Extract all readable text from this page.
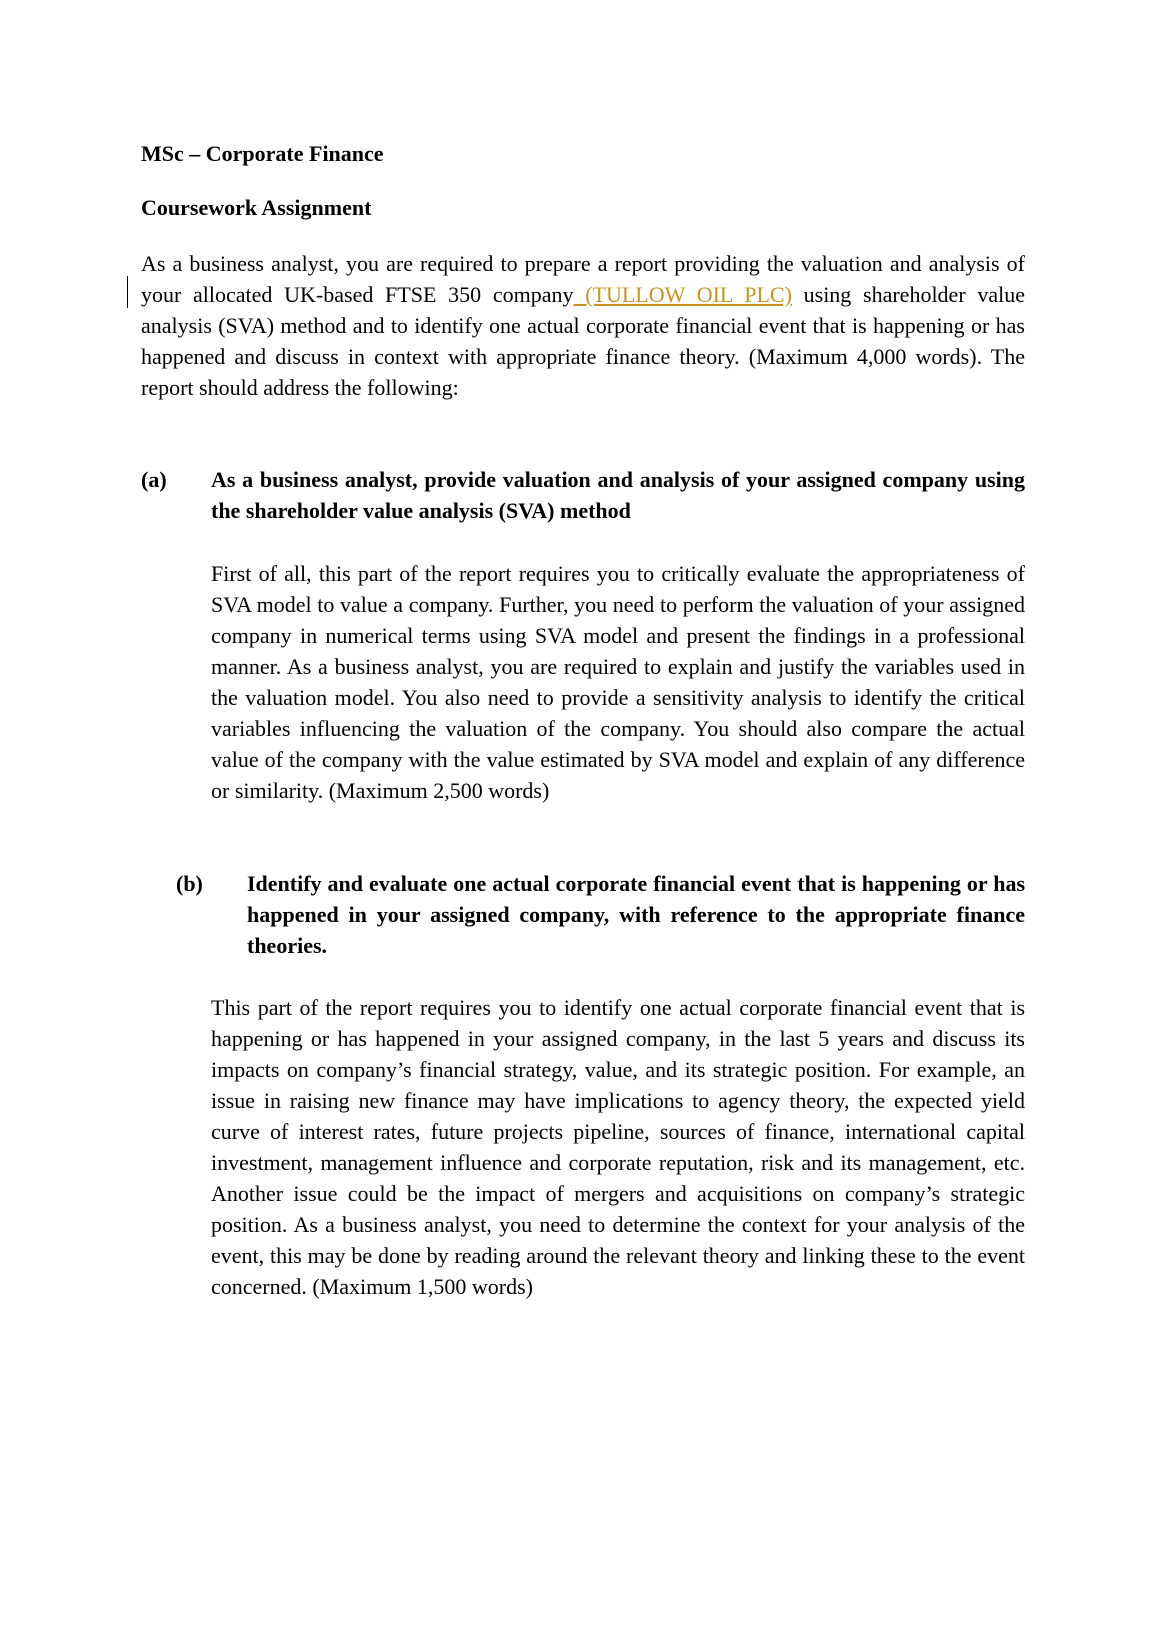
MSc – Corporate Finance

Coursework Assignment

As a business analyst, you are required to prepare a report providing the valuation and analysis of your allocated UK-based FTSE 350 company (TULLOW OIL PLC) using shareholder value analysis (SVA) method and to identify one actual corporate financial event that is happening or has happened and discuss in context with appropriate finance theory. (Maximum 4,000 words). The report should address the following:

(a) As a business analyst, provide valuation and analysis of your assigned company using the shareholder value analysis (SVA) method

First of all, this part of the report requires you to critically evaluate the appropriateness of SVA model to value a company. Further, you need to perform the valuation of your assigned company in numerical terms using SVA model and present the findings in a professional manner. As a business analyst, you are required to explain and justify the variables used in the valuation model. You also need to provide a sensitivity analysis to identify the critical variables influencing the valuation of the company. You should also compare the actual value of the company with the value estimated by SVA model and explain of any difference or similarity. (Maximum 2,500 words)

(b) Identify and evaluate one actual corporate financial event that is happening or has happened in your assigned company, with reference to the appropriate finance theories.

This part of the report requires you to identify one actual corporate financial event that is happening or has happened in your assigned company, in the last 5 years and discuss its impacts on company’s financial strategy, value, and its strategic position. For example, an issue in raising new finance may have implications to agency theory, the expected yield curve of interest rates, future projects pipeline, sources of finance, international capital investment, management influence and corporate reputation, risk and its management, etc. Another issue could be the impact of mergers and acquisitions on company’s strategic position. As a business analyst, you need to determine the context for your analysis of the event, this may be done by reading around the relevant theory and linking these to the event concerned. (Maximum 1,500 words)
